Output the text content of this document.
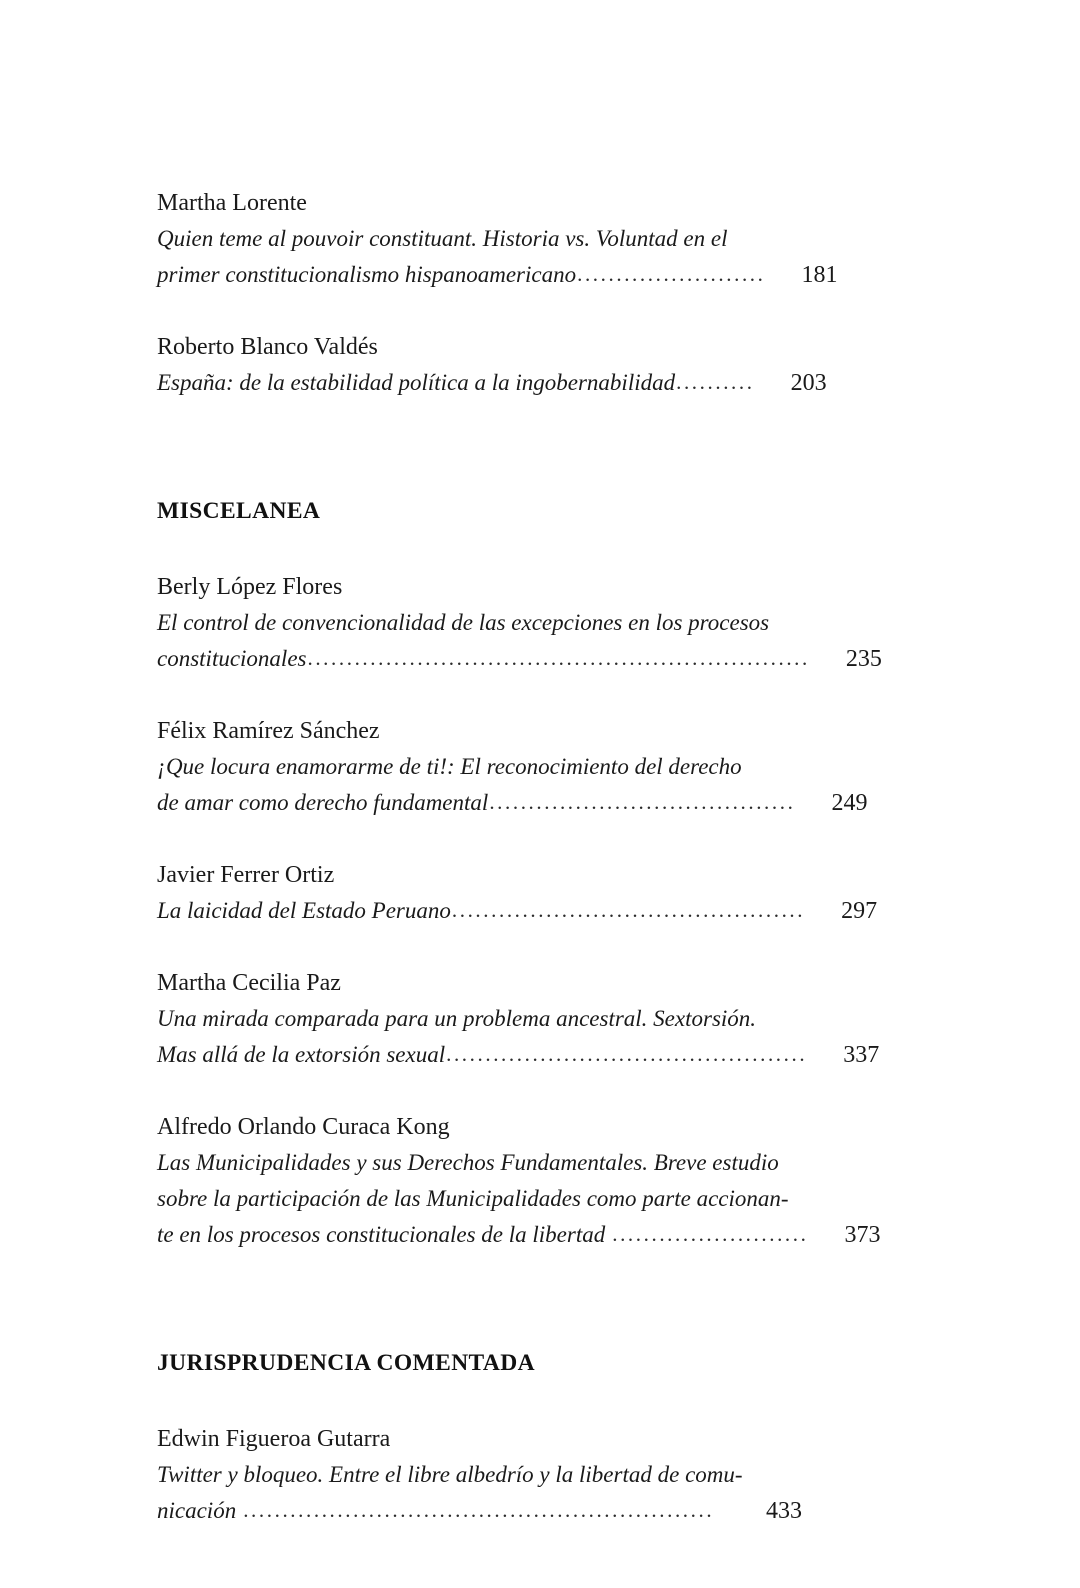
Martha Lorente
Quien teme al pouvoir constituant. Historia vs. Voluntad en el
primer constitucionalismo hispanoamericano ........................	181
Roberto Blanco Valdés
España: de la estabilidad política a la ingobernabilidad ..........	203
MISCELANEA
Berly López Flores
El control de convencionalidad de las excepciones en los procesos
constitucionales ................................................................	235
Félix Ramírez Sánchez
¡Que locura enamorarme de ti!: El reconocimiento del derecho
de amar como derecho fundamental .......................................	249
Javier Ferrer Ortiz
La laicidad del Estado Peruano .............................................	297
Martha Cecilia Paz
Una mirada comparada para un problema ancestral. Sextorsión.
Mas allá de la extorsión sexual ..............................................	337
Alfredo Orlando Curaca Kong
Las Municipalidades y sus Derechos Fundamentales. Breve estudio
sobre la participación de las Municipalidades como parte accionan-
te en los procesos constitucionales de la libertad .........................	373
JURISPRUDENCIA COMENTADA
Edwin Figueroa Gutarra
Twitter y bloqueo. Entre el libre albedrío y la libertad de comu-
nicación ............................................................	433
